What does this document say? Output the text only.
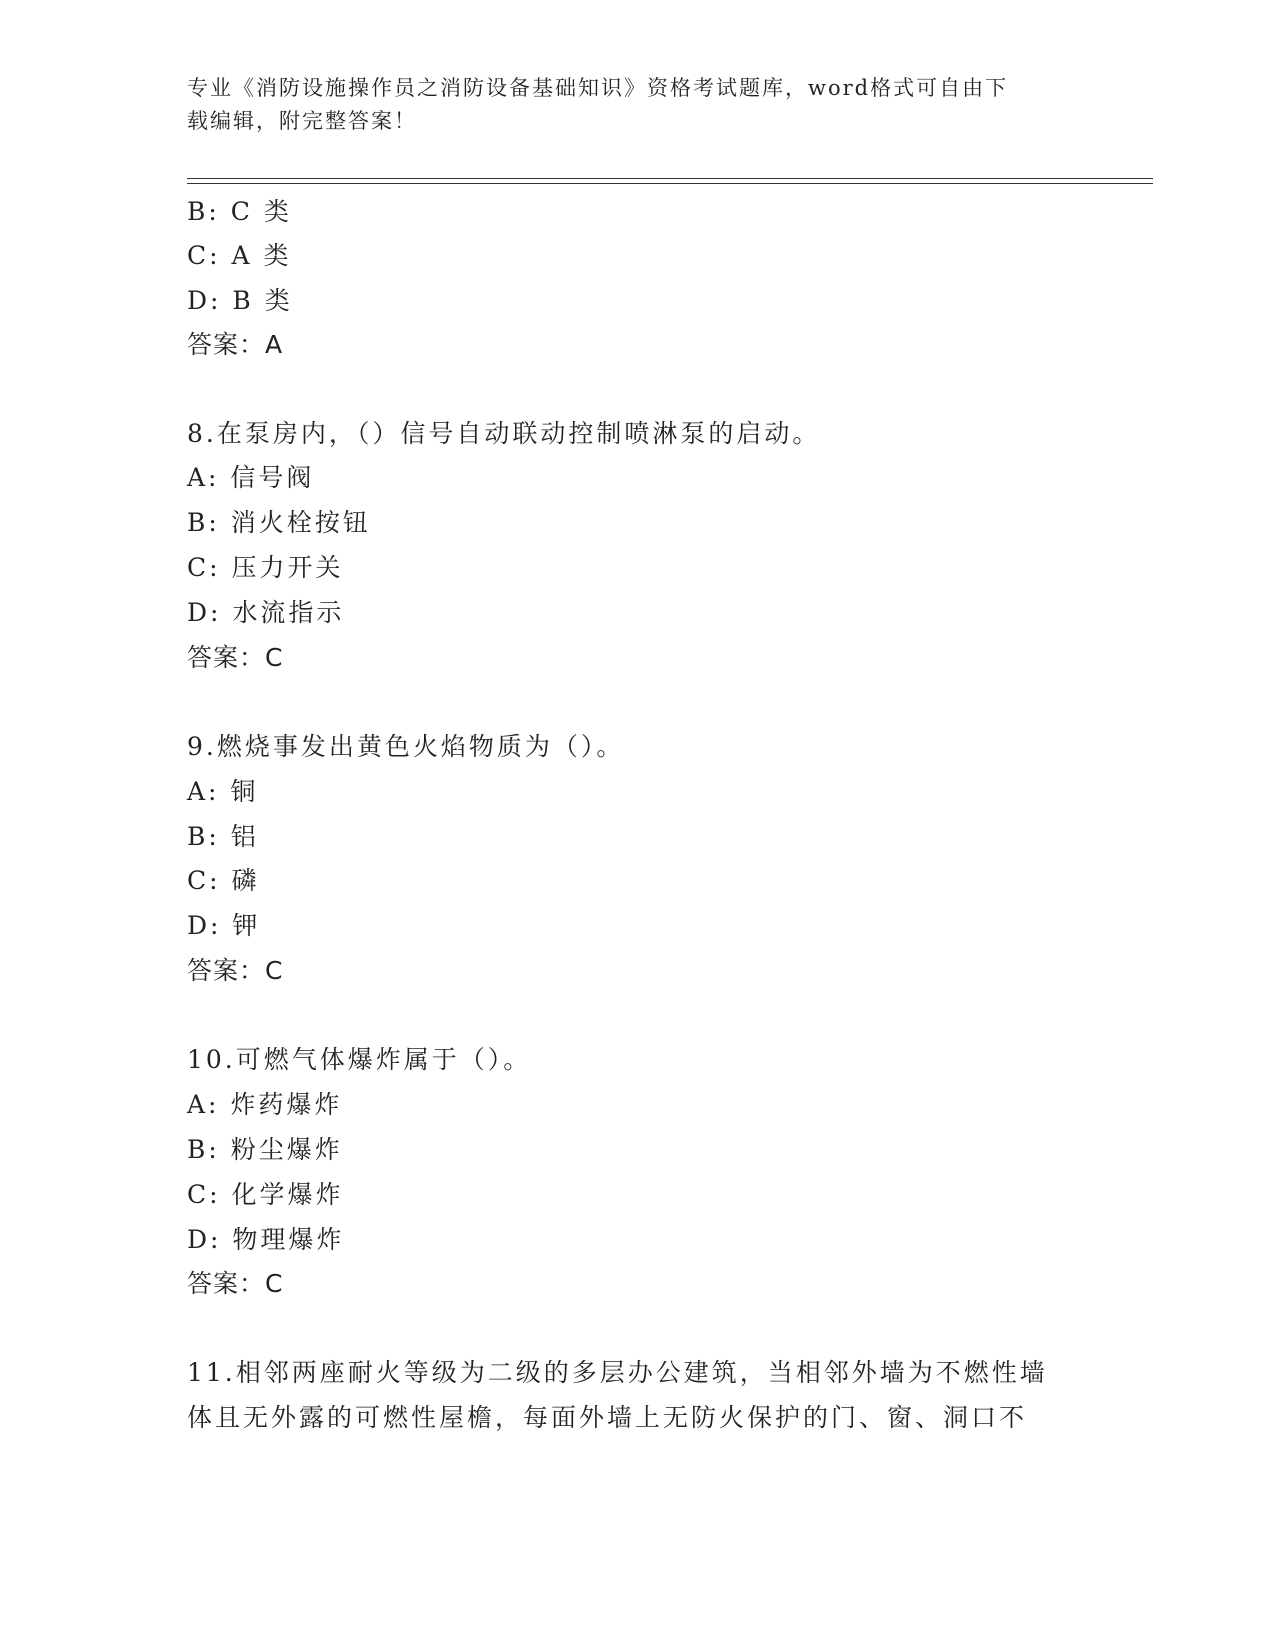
专业《消防设施操作员之消防设备基础知识》资格考试题库，word格式可自由下
载编辑，附完整答案！
B: C 类
C: A 类
D: B 类
答案：A
8.在泵房内，（）信号自动联动控制喷淋泵的启动。
A: 信号阀
B: 消火栓按钮
C: 压力开关
D: 水流指示
答案：C
9.燃烧事发出黄色火焰物质为（）。
A: 铜
B: 铝
C: 磷
D: 钾
答案：C
10.可燃气体爆炸属于（）。
A: 炸药爆炸
B: 粉尘爆炸
C: 化学爆炸
D: 物理爆炸
答案：C
11.相邻两座耐火等级为二级的多层办公建筑，当相邻外墙为不燃性墙
体且无外露的可燃性屋檐，每面外墙上无防火保护的门、窗、洞口不
